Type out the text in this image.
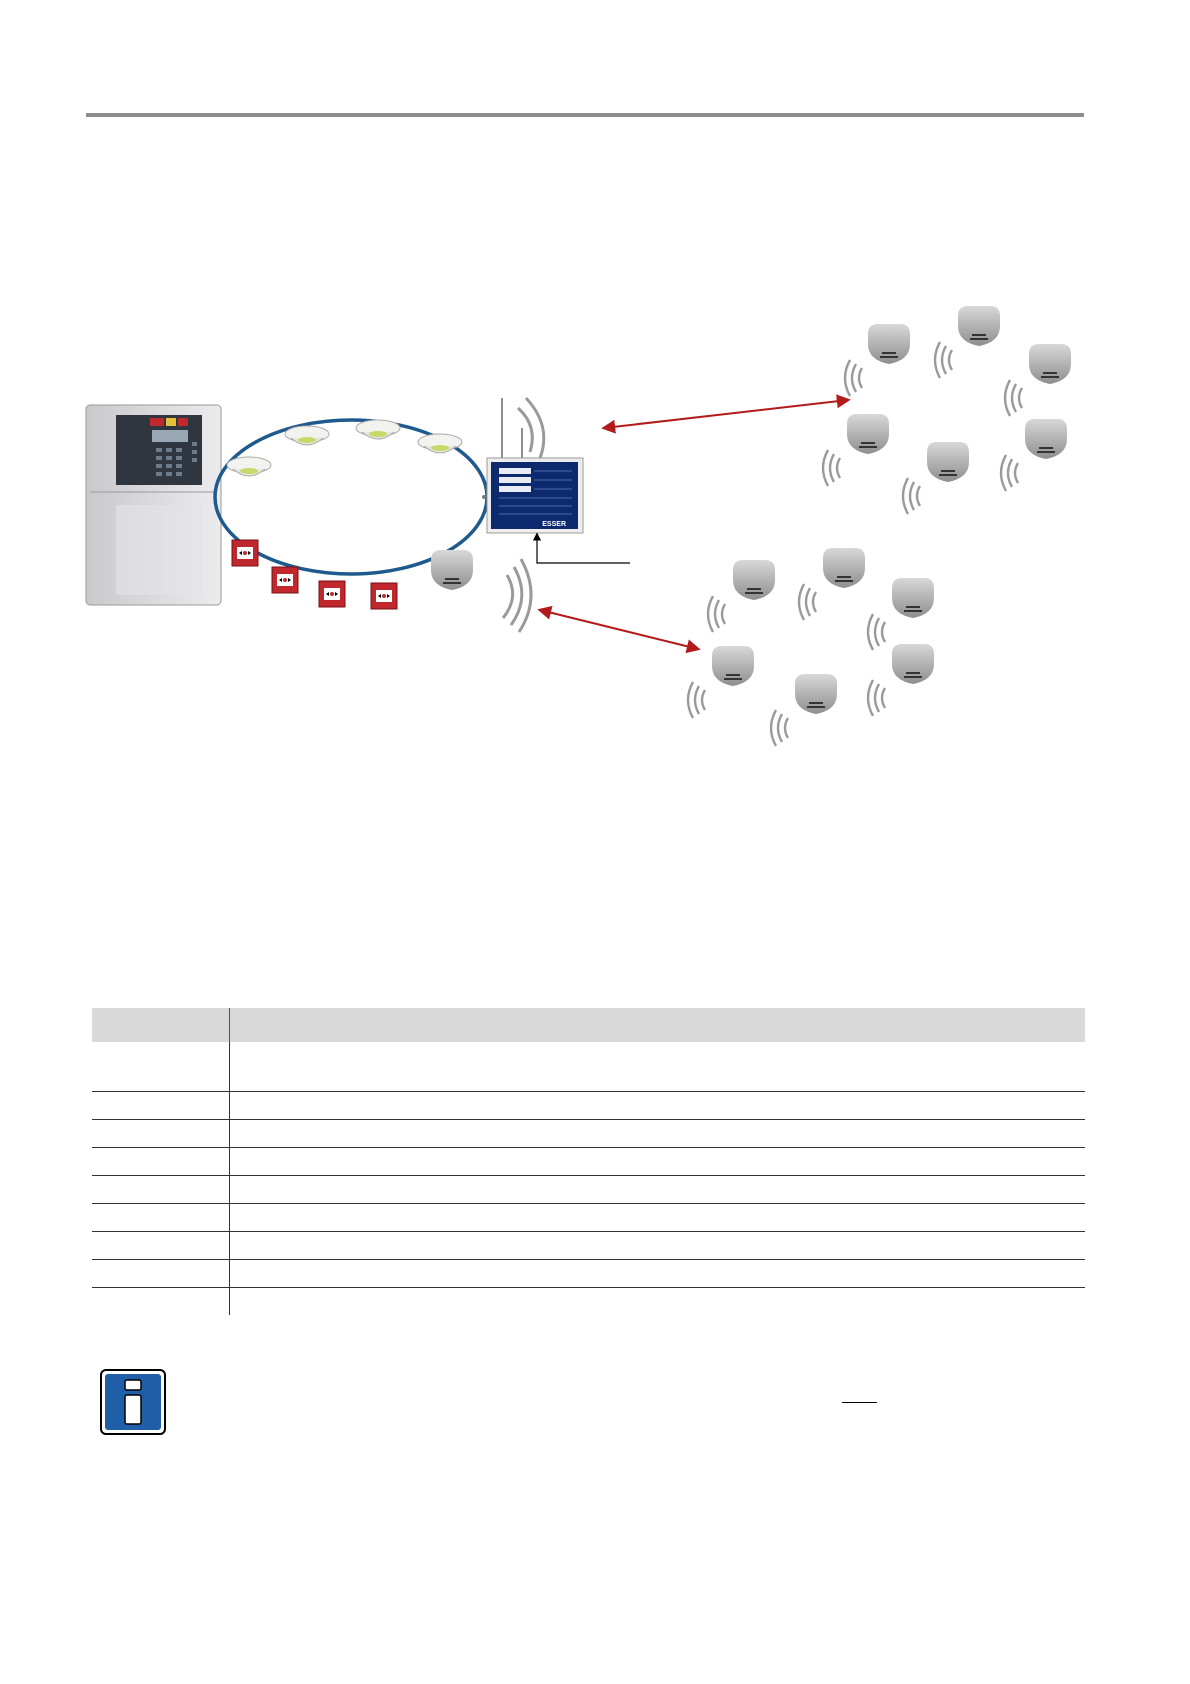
ESSER
